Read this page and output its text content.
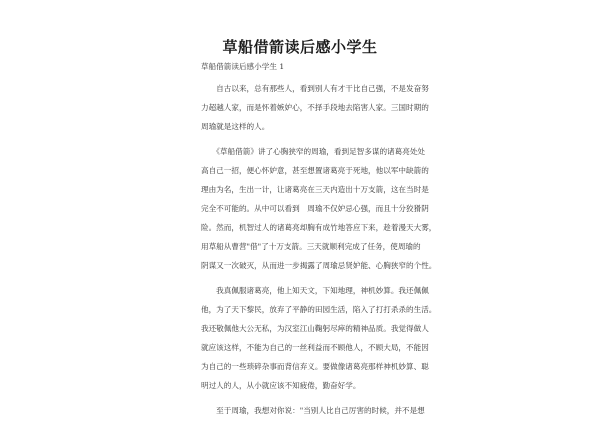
草船借箭读后感小学生
草船借箭读后感小学生 1
　　自古以来，总有那些人，看到别人有才干比自己强，不是发奋努
力超越人家，而是怀着嫉妒心，不择手段地去陷害人家。三国时期的
周瑜就是这样的人。
　　《草船借箭》讲了心胸狭窄的周瑜，看到足智多谋的诸葛亮处处
高自己一招，便心怀妒意，甚至想置诸葛亮于死地，他以军中缺箭的
理由为名，生出一计，让诸葛亮在三天内造出十万支箭，这在当时是
完全不可能的。从中可以看到　周瑜不仅妒忌心强，而且十分狡猾阴
险。然而，机智过人的诸葛亮却胸有成竹地答应下来，趁着漫天大雾，
用草船从曹营"借"了十万支箭。三天就顺利完成了任务，使周瑜的
阴谋又一次破灭，从而进一步揭露了周瑜忌贤妒能、心胸狭窄的个性。
　　我真佩服诸葛亮，他上知天文，下知地理，神机妙算。我还佩佩
他，为了天下黎民，放弃了平静的田园生活，陷入了打打杀杀的生活。
我还敬佩他大公无私，为汉室江山鞠躬尽瘁的精神品质。我觉得做人
就应该这样，不能为自己的一丝利益而不顾他人，不顾大局，不能因
为自己的一些琐碎杂事而背信弃义。要做像诸葛亮那样神机妙算、聪
明过人的人，从小就应该不知疲倦，勤奋好学。
　　至于周瑜，我想对你说："当别人比自己厉害的时候，并不是想
